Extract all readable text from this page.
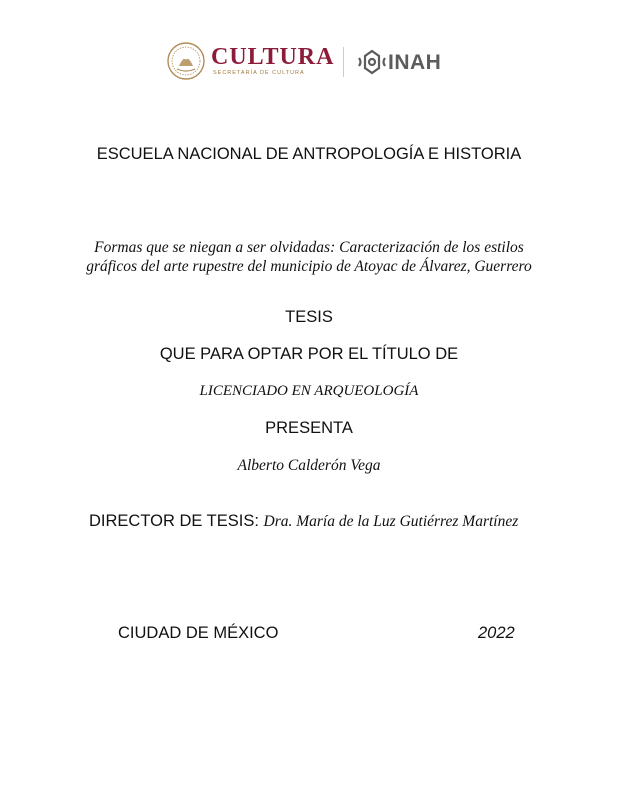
CULTURA
SECRETARÍA DE CULTURA	INAH
ESCUELA NACIONAL DE ANTROPOLOGÍA E HISTORIA
Formas que se niegan a ser olvidadas: Caracterización de los estilos
gráficos del arte rupestre del municipio de Atoyac de Álvarez, Guerrero
TESIS
QUE PARA OPTAR POR EL TÍTULO DE
LICENCIADO EN ARQUEOLOGÍA
PRESENTA
Alberto Calderón Vega
DIRECTOR DE TESIS: Dra. María de la Luz Gutiérrez Martínez
CIUDAD DE MÉXICO	2022
